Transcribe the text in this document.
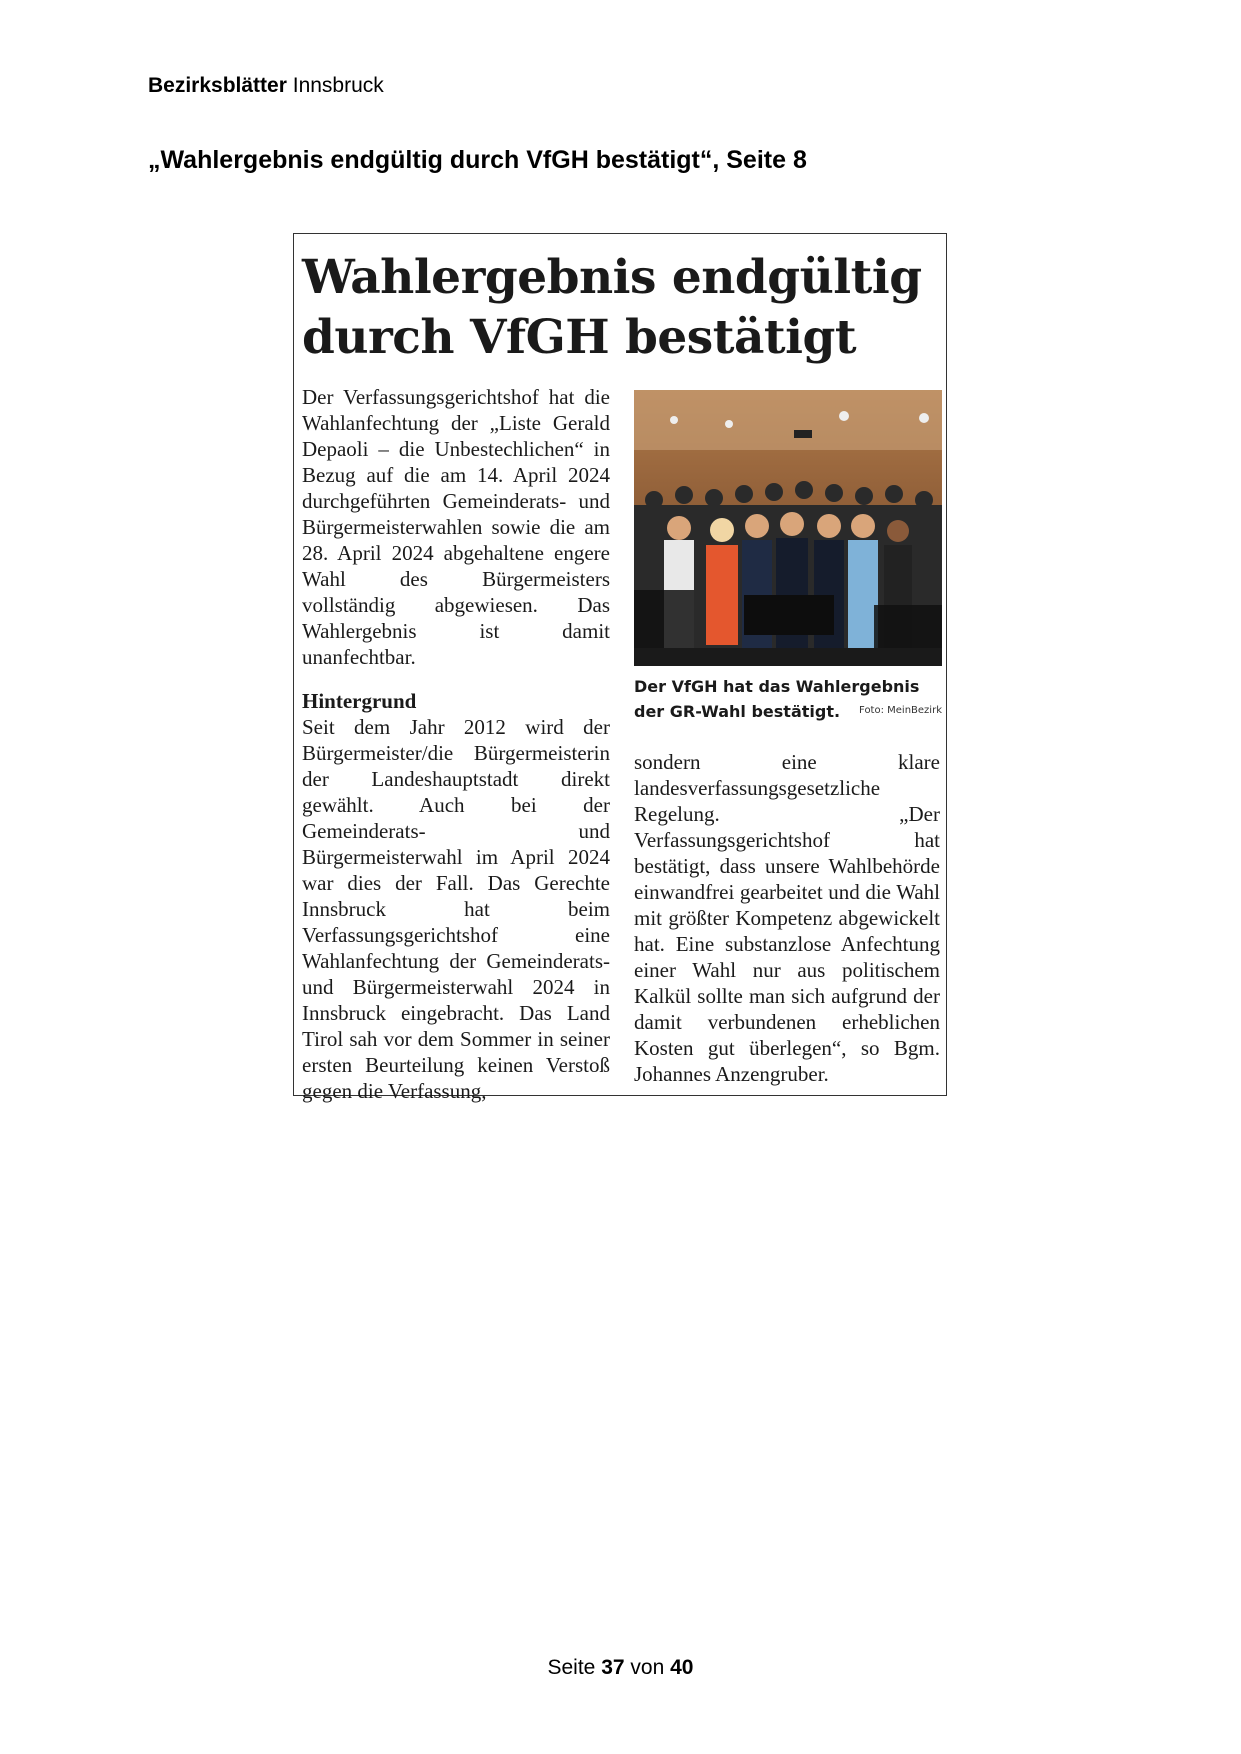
Bezirksblätter Innsbruck
„Wahlergebnis endgültig durch VfGH bestätigt“, Seite 8
Wahlergebnis endgültig
durch VfGH bestätigt

Der Verfassungsgerichtshof hat die Wahlanfechtung der „Liste Gerald Depaoli – die Unbestechlichen“ in Bezug auf die am 14. April 2024 durchgeführten Gemeinderats- und Bürgermeisterwahlen sowie die am 28. April 2024 abgehaltene engere Wahl des Bürgermeisters vollständig abgewiesen. Das Wahlergebnis ist damit unanfechtbar.

Hintergrund

Seit dem Jahr 2012 wird der Bürgermeister/die Bürgermeisterin der Landeshauptstadt direkt gewählt. Auch bei der Gemeinderats- und Bürgermeisterwahl im April 2024 war dies der Fall. Das Gerechte Innsbruck hat beim Verfassungsgerichtshof eine Wahlanfechtung der Gemeinderats- und Bürgermeisterwahl 2024 in Innsbruck eingebracht. Das Land Tirol sah vor dem Sommer in seiner ersten Beurteilung keinen Verstoß gegen die Verfassung,

Der VfGH hat das Wahlergebnis der GR-Wahl bestätigt. Foto: MeinBezirk

sondern eine klare landesverfassungsgesetzliche Regelung. „Der Verfassungsgerichtshof hat bestätigt, dass unsere Wahlbehörde einwandfrei gearbeitet und die Wahl mit größter Kompetenz abgewickelt hat. Eine substanzlose Anfechtung einer Wahl nur aus politischem Kalkül sollte man sich aufgrund der damit verbundenen erheblichen Kosten gut überlegen“, so Bgm. Johannes Anzengruber.

Seite 37 von 40
